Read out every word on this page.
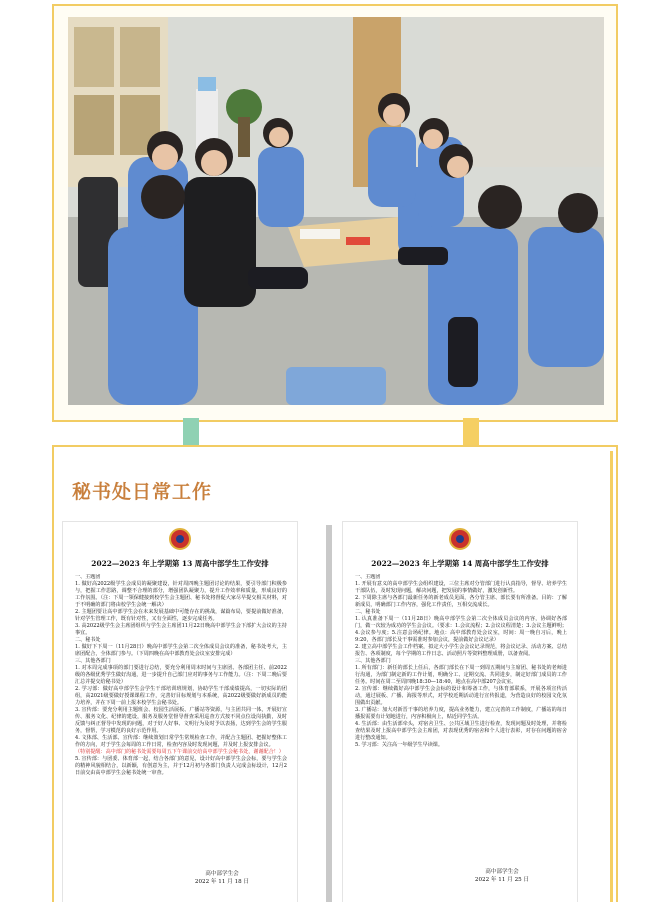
秘书处日常工作
2022—2023 年上学期第 13 周高中部学生工作安排

一、主题团

1. 做好高2022级学生会成员的凝聚建设，针对周四晚主题团讨论的结果，要引导部门积极参与，把握工作思路，调整不合理的部分，增强团队凝聚力，提升工作效率和质量，形成良好的工作氛围。（注：下周一领保健接到校学生会主题团、秘书处将督促大家尽早提交相关材料，对于不明确的部门将由校学生会统一解决）

2. 主题团要让高中部学生会在未来发展基础中可能存在的挑战，谋篇布局，要提前做好准备，针对学生管理工作，既有针对性，又有全面性，逐步完成任务。

3. 高2022级学生会主席团组织与学生会主席团11月22日晚高中部学生会下部扩大会议的主持事宜。

二、秘书处

1. 做好下下周一（11月28日）晚高中部学生会第二次全体成员会议的准备，秘书处考大，主席团配合，全体部门参与。（下周四晚在高中部教育处会议室安排完成）

三、其他各部门

1. 对本周完成事项的部门要进行总结，要充分利用周末时间与主席团、各部团主任、前2022级的各级优秀学生做好沟通，进一步提升自己部门应对的事务与工作能力。（注：下周二晚后要汇总并提交给秘书处）

2. 学习部：做好高中部学生会学生干部培训班规划，协助学生干部成绩提高，一切实际的团组，高2021级要做好授课课程工作，完善好目标规划与本系统，高2022级要做好新成员的能力培养，并在下周一前上报本校学生会秘书处。

3. 宣传部：要充分利用主题班会、校园生活展板、广播站等资源，与主团共同一体，开展好宣传、服务文化、纪律的建设，服务及服务堂督导督查采用巡查方式按不同点位设岗执勤，及时反馈与纠正督导中发现的问题，对于好人好事、文明行为及时予以表扬，达到学生会的学生服务，督帮，学习模范的良好示范作用。

4. 文体部、生活部、宣传部：继续策划日常学生常规检查工作，并配合主题团、把握好整体工作的方向，对于学生会每周的工作日常，检查内容及时发现问题，并及时上报安排会议。

（特别提醒：高中部门的秘书处需要每周五下午课前交给高中部学生会秘书处，谢谢配合！）

5. 宣传部：与团委、体育部一起，结合各部门的意见，设计好高中部学生会会标，要与学生会的精神风貌相结合，以新颖，有创意为主，并于12月初与各部门负责人完成会标设计，12月2日前交由高中部学生会秘书处统一审查。

高中部学生会
2022 年 11 月 18 日
2022—2023 年上学期第 14 周高中部学生工作安排

一、主题团

1. 开展有意义的高中部学生会组织建设，三位主席对分管部门进行认真指导，督导、培养学生干部队伍，及时发现问题，解决问题，把发展的事情做好，激发创新性。

2. 下周除主席与各部门最新任务的新老成员见面，各分管主席、部长要有所准备。目的：了解新成员，明确部门工作内容，强化工作责任，互相交流成长。

二、秘书处

1. 认真准备下周一（11月28日）晚高中部学生会第二次全体成员会议的内容，协调好各部门，做一次较为成功的学生会会议。（要求：1.会议流程；2.会议议程清楚；3.会议主题鲜明；4.会议参与度；5.注意会场纪律。地点：高中部教育处会议室，时间：周一晚自习后，晚上9:20，各部门部长及干事需准时参加会议，提前做好会议记录）

2. 建立高中部学生会工作档案，拟定大小学生会会议记录规范，将会议记录、活动方案、总结报告、各项制度，每个学期的工作日志、活动照片等资料整理成册，以备查阅。

三、其他各部门

1. 所有部门：新任的部长上任后，各部门部长在下周一到周五期间与主席团、秘书处的老师进行沟通，为部门制定新的工作计划，明确分工、定期交流、共同进步，制定好部门成员的工作任务。时间在周二至周四晚18:30—18:40，地点在高中部207会议室。

2. 宣传部：继续做好高中部学生会会标的设计和筹备工作，与体育部联系，开展各项宣传活动，通过展板、广播、海报等形式，对学校近期活动进行宣传报道，为营造良好的校园文化氛围做出贡献。

3. 广播站：加大对新晋干事的培养力度，提高业务能力，建立完善的工作制度，广播站的每日播报需要有计划地进行，内容积极向上，贴近同学生活。

4. 生活部：由生活部牵头，对宿舍卫生、公共区域卫生进行检查，发现问题及时处理，并将检查结果及时上报高中部学生会主席团，对表现优秀的宿舍和个人进行表彰，对存在问题的宿舍进行整改通知。

5. 学习部：关注高一年级学生早读课。

高中部学生会
2022 年 11 月 25 日
